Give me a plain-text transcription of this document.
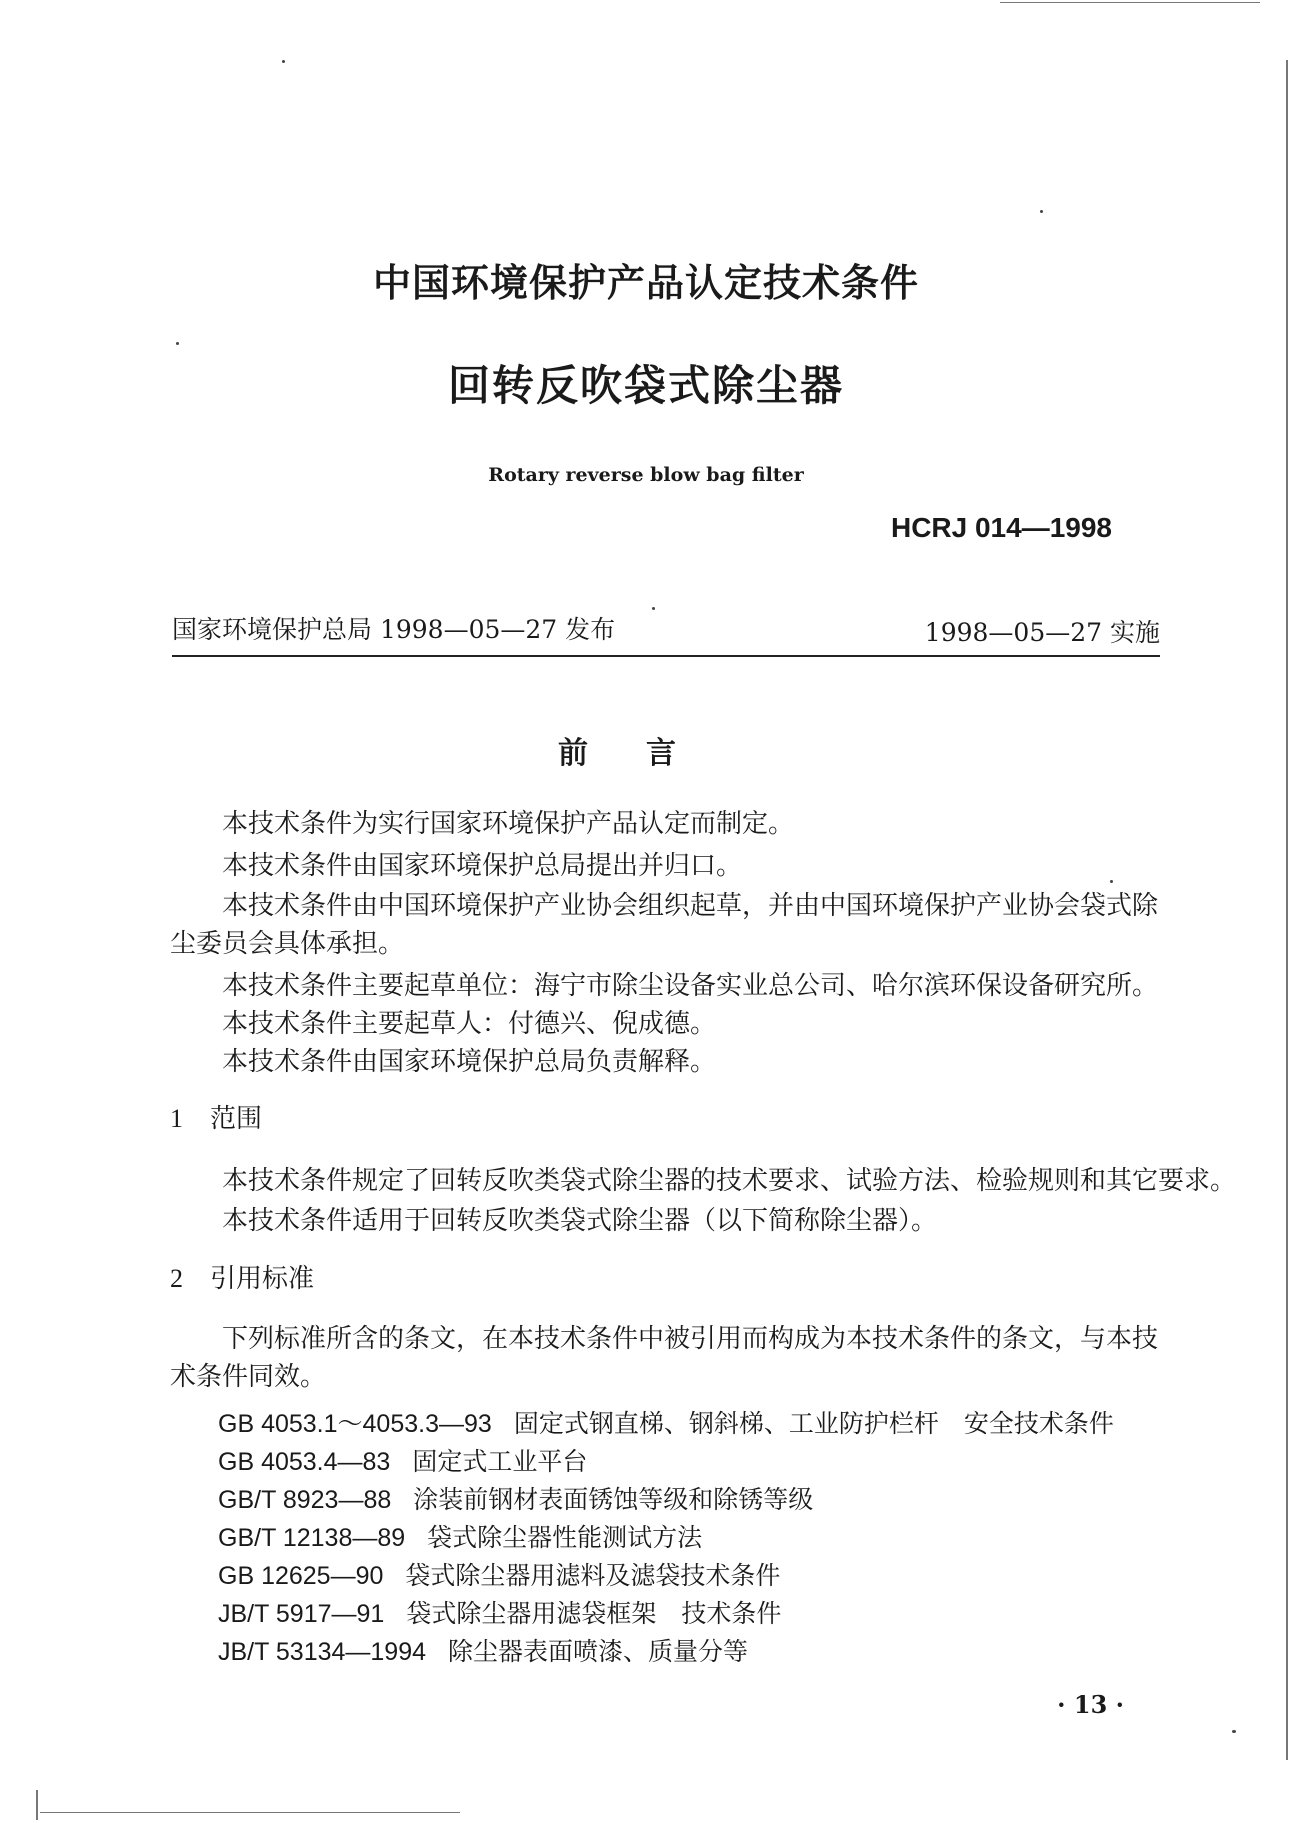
中国环境保护产品认定技术条件
回转反吹袋式除尘器
Rotary reverse blow bag filter
HCRJ 014—1998
国家环境保护总局 1998—05—27 发布	1998—05—27 实施
前言
本技术条件为实行国家环境保护产品认定而制定。
本技术条件由国家环境保护总局提出并归口。
本技术条件由中国环境保护产业协会组织起草，并由中国环境保护产业协会袋式除尘委员会具体承担。
本技术条件主要起草单位：海宁市除尘设备实业总公司、哈尔滨环保设备研究所。
本技术条件主要起草人：付德兴、倪成德。
本技术条件由国家环境保护总局负责解释。
1 范围
本技术条件规定了回转反吹类袋式除尘器的技术要求、试验方法、检验规则和其它要求。
本技术条件适用于回转反吹类袋式除尘器（以下简称除尘器）。
2 引用标准
下列标准所含的条文，在本技术条件中被引用而构成为本技术条件的条文，与本技术条件同效。
GB 4053.1～4053.3—93 固定式钢直梯、钢斜梯、工业防护栏杆　安全技术条件
GB 4053.4—83 固定式工业平台
GB/T 8923—88 涂装前钢材表面锈蚀等级和除锈等级
GB/T 12138—89 袋式除尘器性能测试方法
GB 12625—90 袋式除尘器用滤料及滤袋技术条件
JB/T 5917—91 袋式除尘器用滤袋框架　技术条件
JB/T 53134—1994 除尘器表面喷漆、质量分等
· 13 ·
